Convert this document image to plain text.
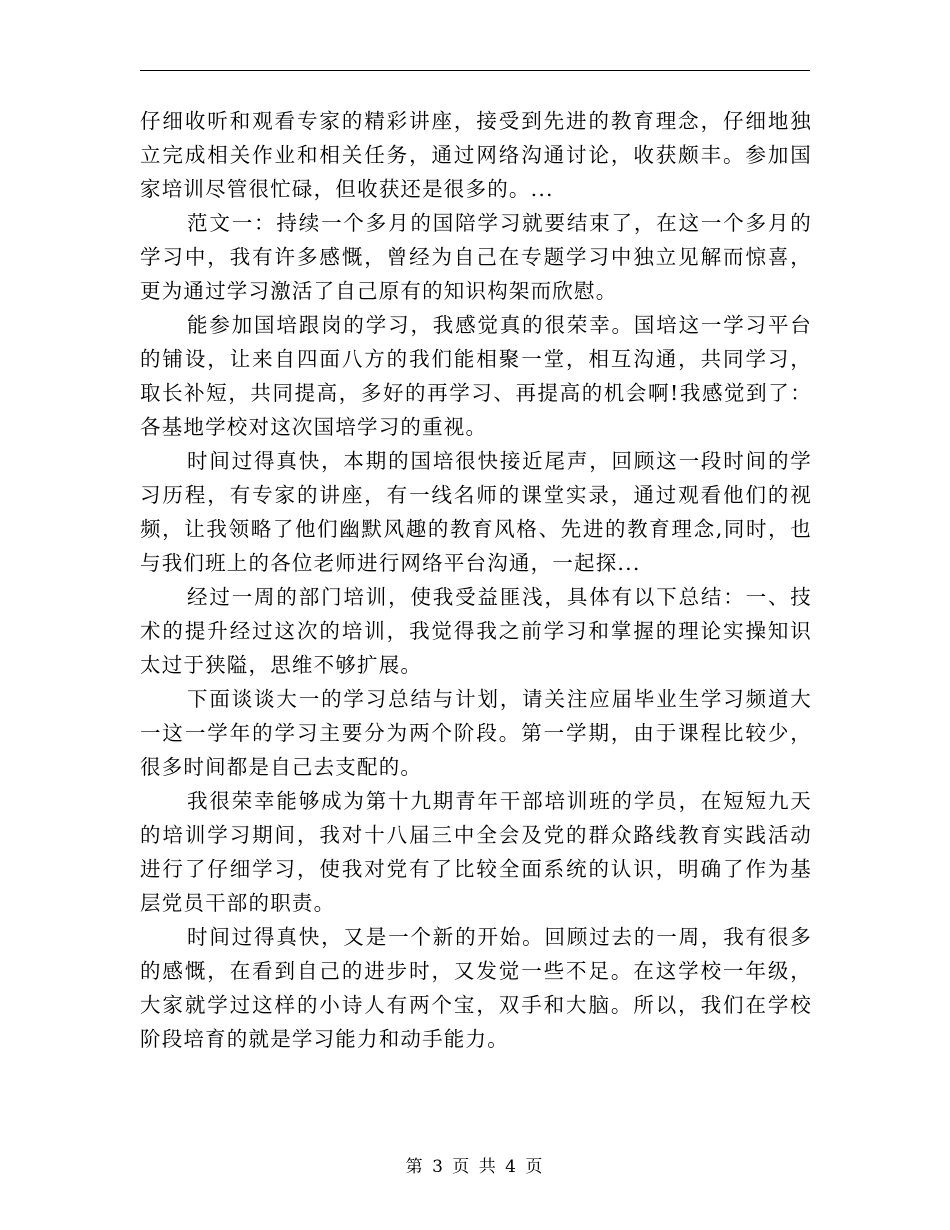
仔细收听和观看专家的精彩讲座，接受到先进的教育理念，仔细地独立完成相关作业和相关任务，通过网络沟通讨论，收获颇丰。参加国家培训尽管很忙碌，但收获还是很多的。...

范文一：持续一个多月的国陪学习就要结束了，在这一个多月的学习中，我有许多感慨，曾经为自己在专题学习中独立见解而惊喜，更为通过学习激活了自己原有的知识构架而欣慰。

能参加国培跟岗的学习，我感觉真的很荣幸。国培这一学习平台的铺设，让来自四面八方的我们能相聚一堂，相互沟通，共同学习，取长补短，共同提高，多好的再学习、再提高的机会啊!我感觉到了：各基地学校对这次国培学习的重视。

时间过得真快，本期的国培很快接近尾声，回顾这一段时间的学习历程，有专家的讲座，有一线名师的课堂实录，通过观看他们的视频，让我领略了他们幽默风趣的教育风格、先进的教育理念,同时，也与我们班上的各位老师进行网络平台沟通，一起探...

经过一周的部门培训，使我受益匪浅，具体有以下总结：一、技术的提升经过这次的培训，我觉得我之前学习和掌握的理论实操知识太过于狭隘，思维不够扩展。

下面谈谈大一的学习总结与计划，请关注应届毕业生学习频道大一这一学年的学习主要分为两个阶段。第一学期，由于课程比较少，很多时间都是自己去支配的。

我很荣幸能够成为第十九期青年干部培训班的学员，在短短九天的培训学习期间，我对十八届三中全会及党的群众路线教育实践活动进行了仔细学习，使我对党有了比较全面系统的认识，明确了作为基层党员干部的职责。

时间过得真快，又是一个新的开始。回顾过去的一周，我有很多的感慨，在看到自己的进步时，又发觉一些不足。在这学校一年级，大家就学过这样的小诗人有两个宝，双手和大脑。所以，我们在学校阶段培育的就是学习能力和动手能力。

第 3 页 共 4 页
